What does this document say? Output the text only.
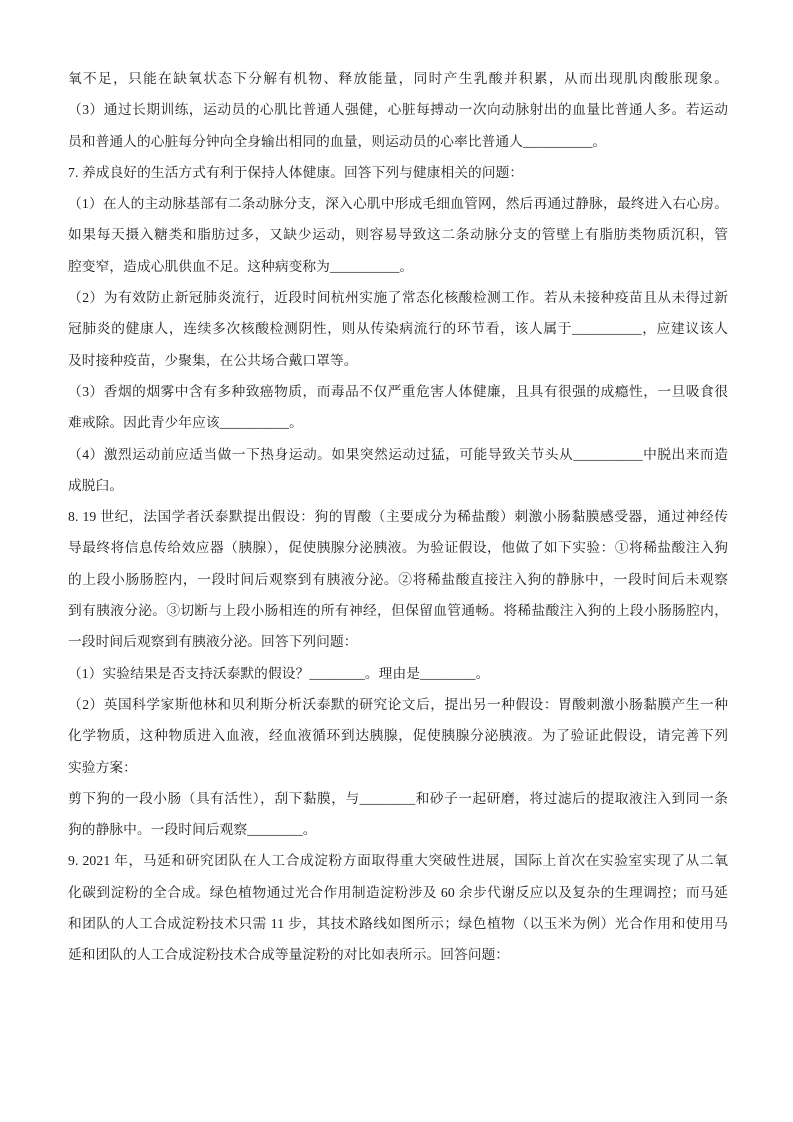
氧不足，只能在缺氧状态下分解有机物、释放能量，同时产生乳酸并积累，从而出现肌肉酸胀现象。

（3）通过长期训练，运动员的心肌比普通人强健，心脏每搏动一次向动脉射出的血量比普通人多。若运动

员和普通人的心脏每分钟向全身输出相同的血量，则运动员的心率比普通人__________。

7. 养成良好的生活方式有利于保持人体健康。回答下列与健康相关的问题：

（1）在人的主动脉基部有二条动脉分支，深入心肌中形成毛细血管网，然后再通过静脉，最终进入右心房。

如果每天摄入糖类和脂肪过多，又缺少运动，则容易导致这二条动脉分支的管壁上有脂肪类物质沉积，管

腔变窄，造成心肌供血不足。这种病变称为__________。

（2）为有效防止新冠肺炎流行，近段时间杭州实施了常态化核酸检测工作。若从未接种疫苗且从未得过新

冠肺炎的健康人，连续多次核酸检测阴性，则从传染病流行的环节看，该人属于__________，应建议该人

及时接种疫苗，少聚集，在公共场合戴口罩等。

（3）香烟的烟雾中含有多种致癌物质，而毒品不仅严重危害人体健廉，且具有很强的成瘾性，一旦吸食很

难戒除。因此青少年应该__________。

（4）激烈运动前应适当做一下热身运动。如果突然运动过猛，可能导致关节头从__________中脱出来而造

成脱臼。

8. 19 世纪，法国学者沃泰默提出假设：狗的胃酸（主要成分为稀盐酸）刺激小肠黏膜感受器，通过神经传

导最终将信息传给效应器（胰腺），促使胰腺分泌胰液。为验证假设，他做了如下实验：①将稀盐酸注入狗

的上段小肠肠腔内，一段时间后观察到有胰液分泌。②将稀盐酸直接注入狗的静脉中，一段时间后未观察

到有胰液分泌。③切断与上段小肠相连的所有神经，但保留血管通畅。将稀盐酸注入狗的上段小肠肠腔内，

一段时间后观察到有胰液分泌。回答下列问题：

（1）实验结果是否支持沃泰默的假设？________。理由是________。

（2）英国科学家斯他林和贝利斯分析沃泰默的研究论文后，提出另一种假设：胃酸刺激小肠黏膜产生一种

化学物质，这种物质进入血液，经血液循环到达胰腺，促使胰腺分泌胰液。为了验证此假设，请完善下列

实验方案：

剪下狗的一段小肠（具有活性），刮下黏膜，与________和砂子一起研磨，将过滤后的提取液注入到同一条

狗的静脉中。一段时间后观察________。

9. 2021 年，马延和研究团队在人工合成淀粉方面取得重大突破性进展，国际上首次在实验室实现了从二氧

化碳到淀粉的全合成。绿色植物通过光合作用制造淀粉涉及 60 余步代谢反应以及复杂的生理调控；而马延

和团队的人工合成淀粉技术只需 11 步，其技术路线如图所示；绿色植物（以玉米为例）光合作用和使用马

延和团队的人工合成淀粉技术合成等量淀粉的对比如表所示。回答问题：
